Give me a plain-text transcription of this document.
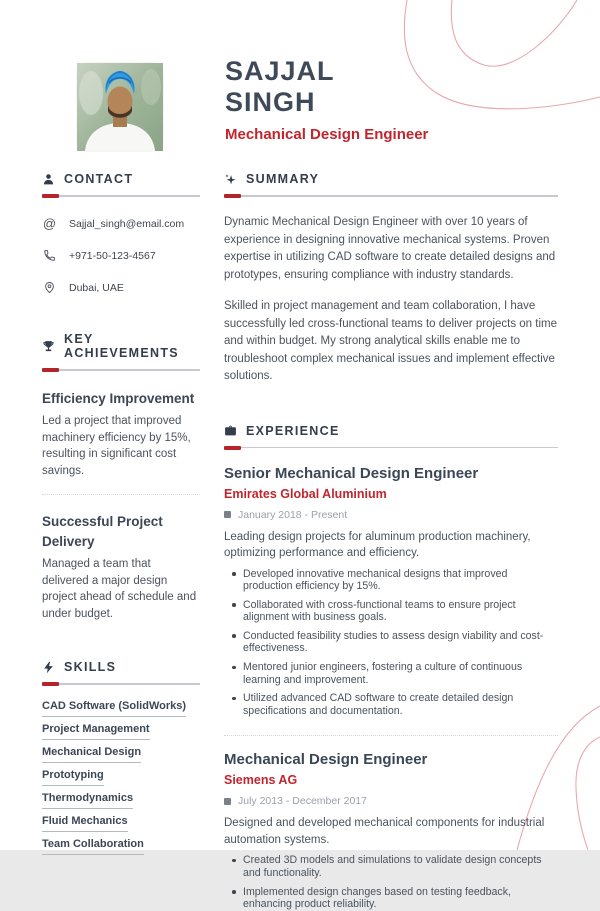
SAJJAL
SINGH
Mechanical Design Engineer
CONTACT
@ Sajjal_singh@email.com
+971-50-123-4567
Dubai, UAE
KEY ACHIEVEMENTS
Efficiency Improvement
Led a project that improved machinery efficiency by 15%, resulting in significant cost savings.
Successful Project Delivery
Managed a team that delivered a major design project ahead of schedule and under budget.
SKILLS
CAD Software (SolidWorks)
Project Management
Mechanical Design
Prototyping
Thermodynamics
Fluid Mechanics
Team Collaboration
SUMMARY

Dynamic Mechanical Design Engineer with over 10 years of experience in designing innovative mechanical systems. Proven expertise in utilizing CAD software to create detailed designs and prototypes, ensuring compliance with industry standards.

Skilled in project management and team collaboration, I have successfully led cross-functional teams to deliver projects on time and within budget. My strong analytical skills enable me to troubleshoot complex mechanical issues and implement effective solutions.

EXPERIENCE
Senior Mechanical Design Engineer
Emirates Global Aluminium
January 2018 - Present
Leading design projects for aluminum production machinery, optimizing performance and efficiency.
Developed innovative mechanical designs that improved production efficiency by 15%.
Collaborated with cross-functional teams to ensure project alignment with business goals.
Conducted feasibility studies to assess design viability and cost-effectiveness.
Mentored junior engineers, fostering a culture of continuous learning and improvement.
Utilized advanced CAD software to create detailed design specifications and documentation.
Mechanical Design Engineer
Siemens AG
July 2013 - December 2017
Designed and developed mechanical components for industrial automation systems.
Created 3D models and simulations to validate design concepts and functionality.
Implemented design changes based on testing feedback, enhancing product reliability.
